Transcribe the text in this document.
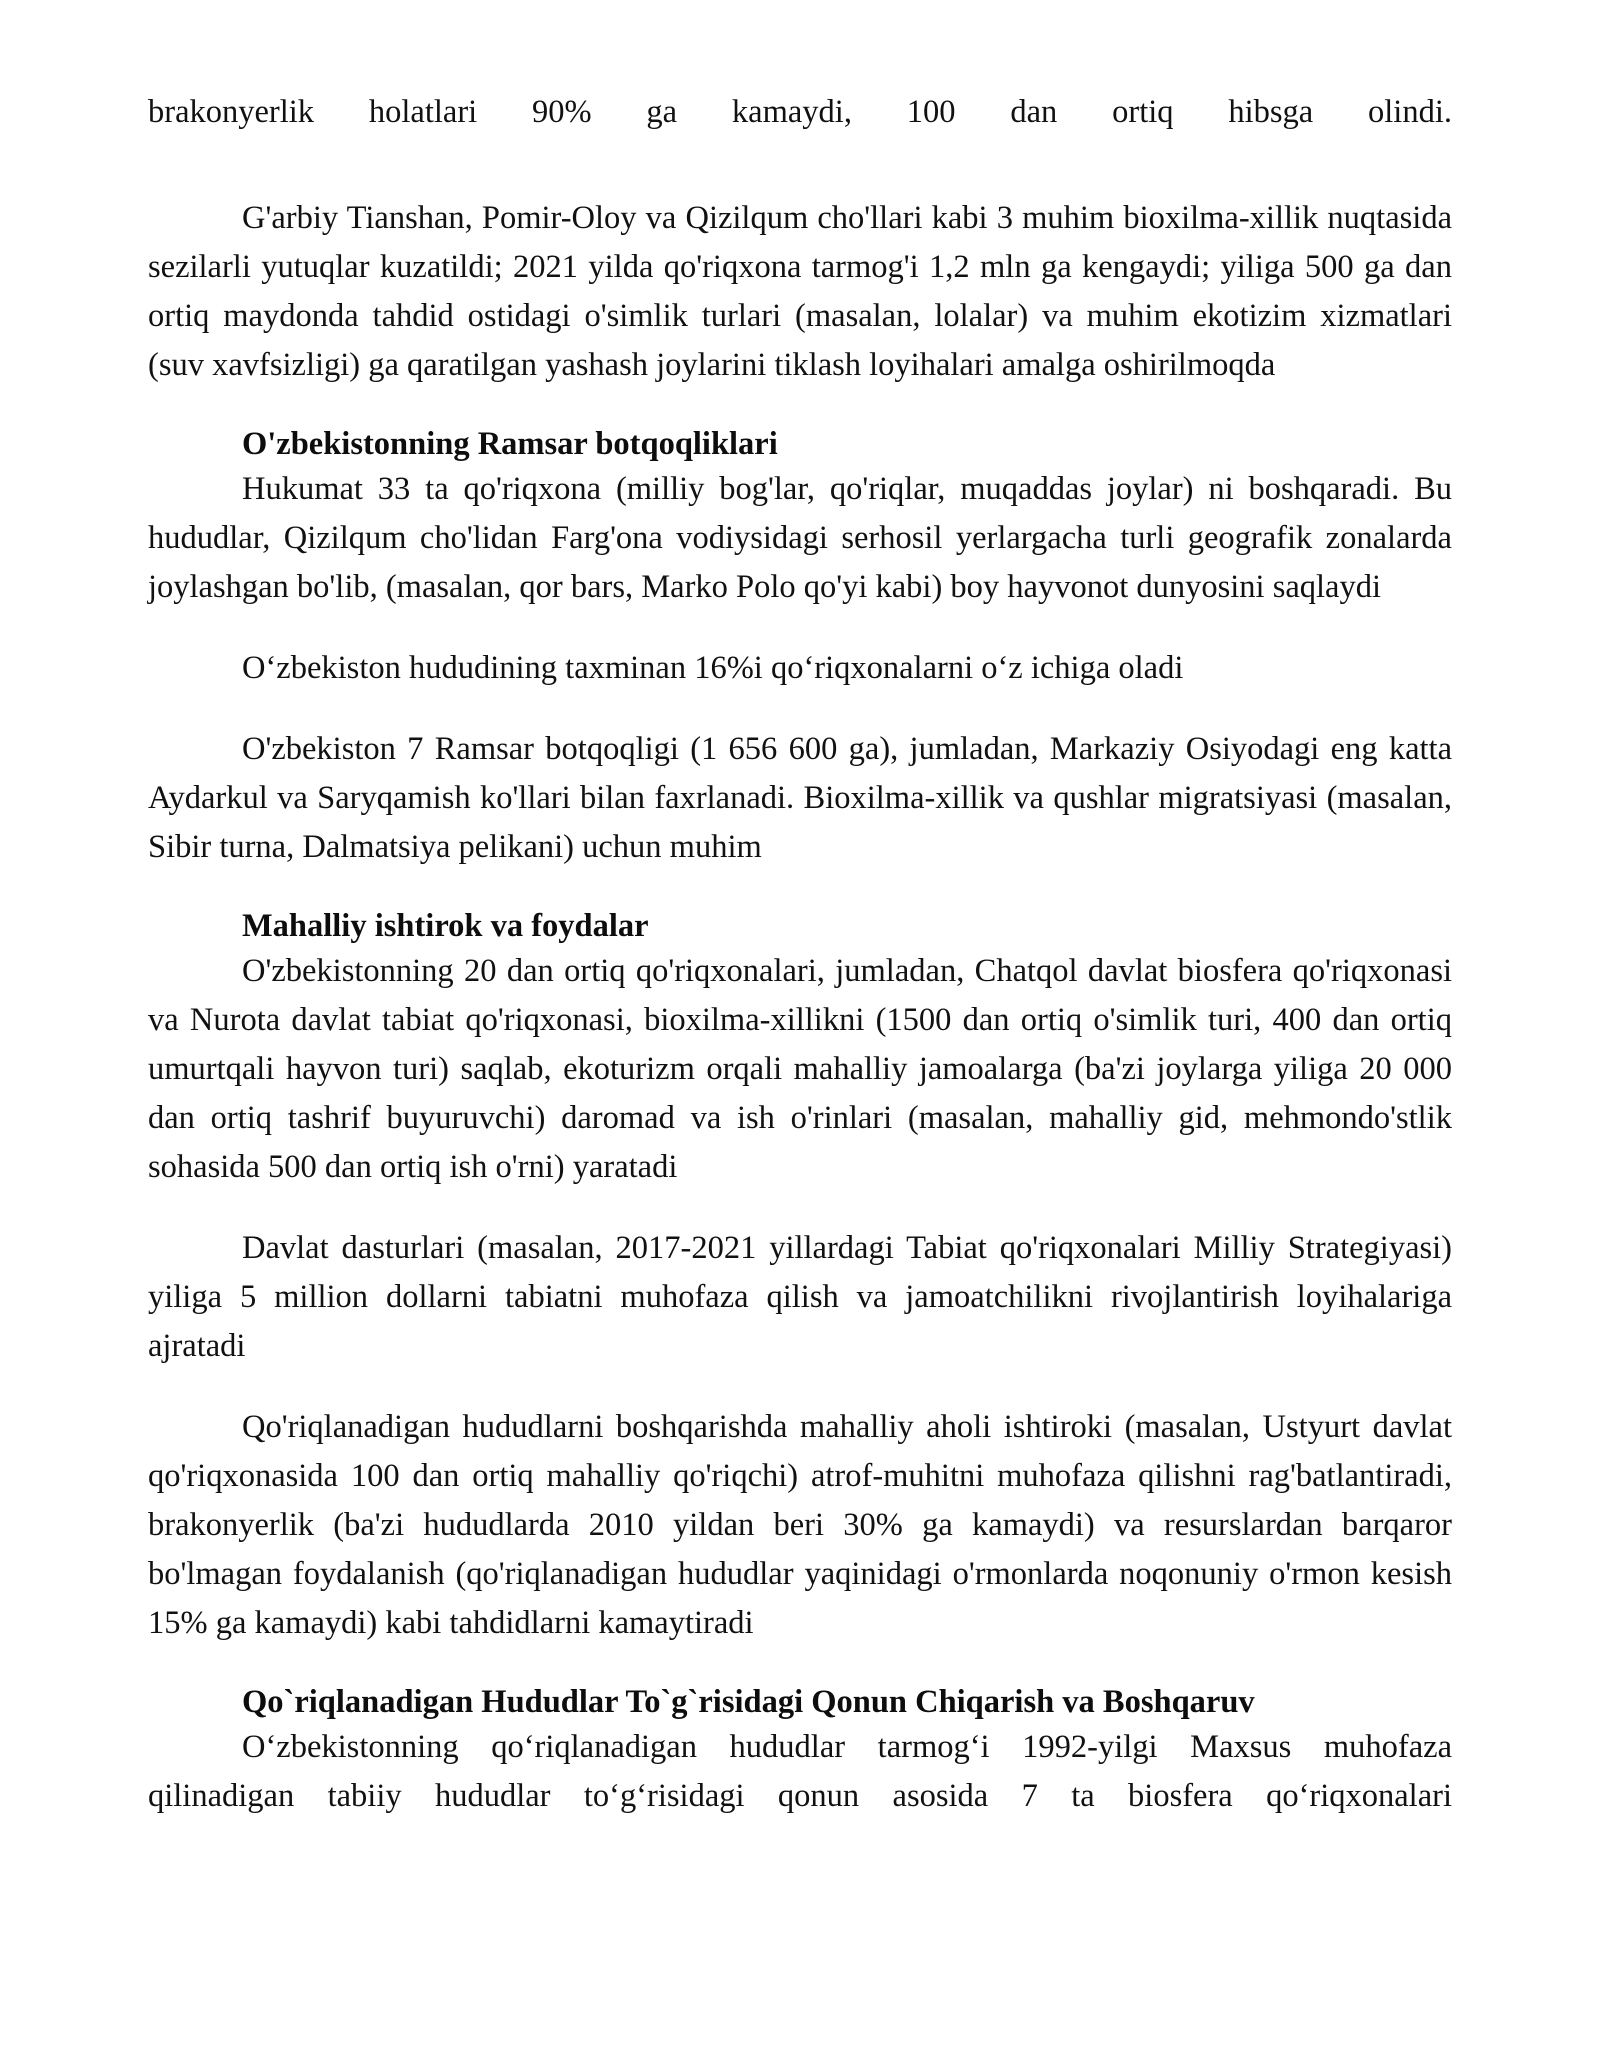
brakonyerlik holatlari 90% ga kamaydi, 100 dan ortiq hibsga olindi.

G'arbiy Tianshan, Pomir-Oloy va Qizilqum cho'llari kabi 3 muhim bioxilma-xillik nuqtasida sezilarli yutuqlar kuzatildi; 2021 yilda qo'riqxona tarmog'i 1,2 mln ga kengaydi; yiliga 500 ga dan ortiq maydonda tahdid ostidagi o'simlik turlari (masalan, lolalar) va muhim ekotizim xizmatlari (suv xavfsizligi) ga qaratilgan yashash joylarini tiklash loyihalari amalga oshirilmoqda

O'zbekistonning Ramsar botqoqliklari

Hukumat 33 ta qo'riqxona (milliy bog'lar, qo'riqlar, muqaddas joylar) ni boshqaradi. Bu hududlar, Qizilqum cho'lidan Farg'ona vodiysidagi serhosil yerlargacha turli geografik zonalarda joylashgan bo'lib, (masalan, qor bars, Marko Polo qo'yi kabi) boy hayvonot dunyosini saqlaydi

O‘zbekiston hududining taxminan 16%i qo‘riqxonalarni o‘z ichiga oladi

O'zbekiston 7 Ramsar botqoqligi (1 656 600 ga), jumladan, Markaziy Osiyodagi eng katta Aydarkul va Saryqamish ko'llari bilan faxrlanadi. Bioxilma-xillik va qushlar migratsiyasi (masalan, Sibir turna, Dalmatsiya pelikani) uchun muhim

Mahalliy ishtirok va foydalar

O'zbekistonning 20 dan ortiq qo'riqxonalari, jumladan, Chatqol davlat biosfera qo'riqxonasi va Nurota davlat tabiat qo'riqxonasi, bioxilma-xillikni (1500 dan ortiq o'simlik turi, 400 dan ortiq umurtqali hayvon turi) saqlab, ekoturizm orqali mahalliy jamoalarga (ba'zi joylarga yiliga 20 000 dan ortiq tashrif buyuruvchi) daromad va ish o'rinlari (masalan, mahalliy gid, mehmondo'stlik sohasida 500 dan ortiq ish o'rni) yaratadi

Davlat dasturlari (masalan, 2017-2021 yillardagi Tabiat qo'riqxonalari Milliy Strategiyasi) yiliga 5 million dollarni tabiatni muhofaza qilish va jamoatchilikni rivojlantirish loyihalariga ajratadi

Qo'riqlanadigan hududlarni boshqarishda mahalliy aholi ishtiroki (masalan, Ustyurt davlat qo'riqxonasida 100 dan ortiq mahalliy qo'riqchi) atrof-muhitni muhofaza qilishni rag'batlantiradi, brakonyerlik (ba'zi hududlarda 2010 yildan beri 30% ga kamaydi) va resurslardan barqaror bo'lmagan foydalanish (qo'riqlanadigan hududlar yaqinidagi o'rmonlarda noqonuniy o'rmon kesish 15% ga kamaydi) kabi tahdidlarni kamaytiradi

Qo`riqlanadigan Hududlar To`g`risidagi Qonun Chiqarish va Boshqaruv

O‘zbekistonning qo‘riqlanadigan hududlar tarmog‘i 1992-yilgi Maxsus muhofaza qilinadigan tabiiy hududlar to‘g‘risidagi qonun asosida 7 ta biosfera qo‘riqxonalari
